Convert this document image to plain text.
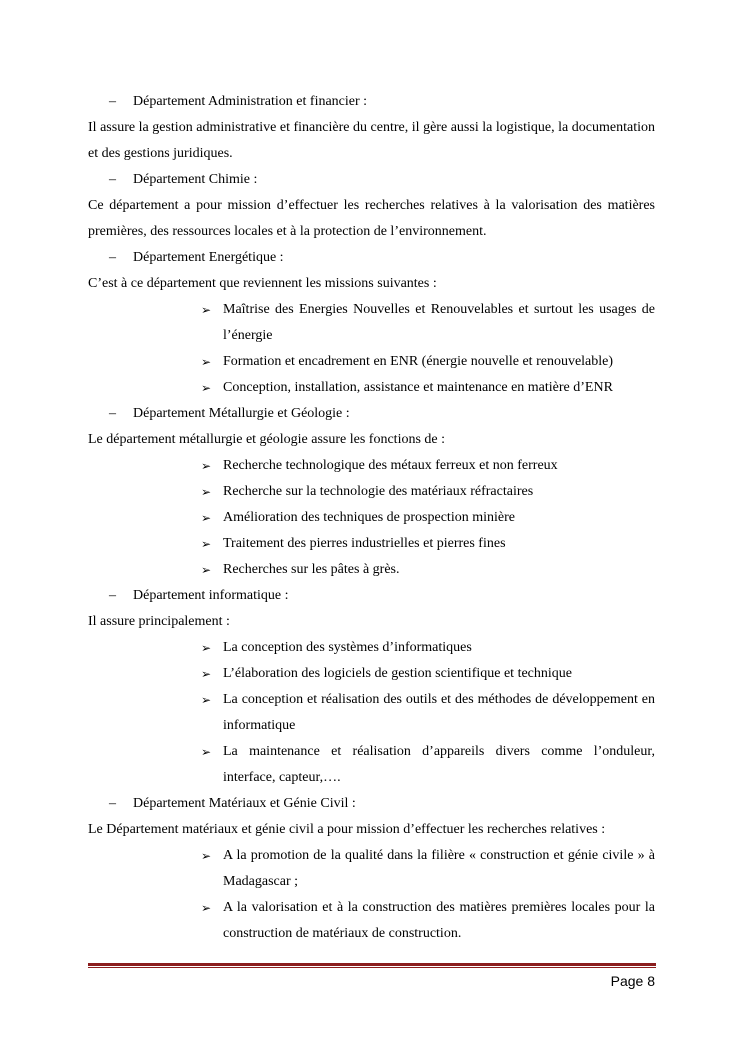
– Département Administration et financier :
Il assure la gestion administrative et financière du centre, il gère aussi la logistique, la documentation et des gestions juridiques.
– Département Chimie :
Ce département a pour mission d’effectuer les recherches relatives à la valorisation des matières premières, des ressources locales et à la protection de l’environnement.
– Département Energétique :
C’est à ce département que reviennent les missions suivantes :
➢ Maîtrise des Energies Nouvelles et Renouvelables et surtout les usages de l’énergie
➢ Formation et encadrement en ENR (énergie nouvelle et renouvelable)
➢ Conception, installation, assistance et maintenance en matière d’ENR
– Département Métallurgie et Géologie :
Le département métallurgie et géologie assure les fonctions de :
➢ Recherche technologique des métaux ferreux et non ferreux
➢ Recherche sur la technologie des matériaux réfractaires
➢ Amélioration des techniques de prospection minière
➢ Traitement des pierres industrielles et pierres fines
➢ Recherches sur les pâtes à grès.
– Département informatique :
Il assure principalement :
➢ La conception des systèmes d’informatiques
➢ L’élaboration des logiciels de gestion scientifique et technique
➢ La conception et réalisation des outils et des méthodes de développement en informatique
➢ La maintenance et réalisation d’appareils divers comme l’onduleur, interface, capteur,….
– Département Matériaux et Génie Civil :
Le Département matériaux et génie civil a pour mission d’effectuer les recherches relatives :
➢ A la promotion de la qualité dans la filière « construction et génie civile » à Madagascar ;
➢ A la valorisation et à la construction des matières premières locales pour la construction de matériaux de construction.
Page 8
